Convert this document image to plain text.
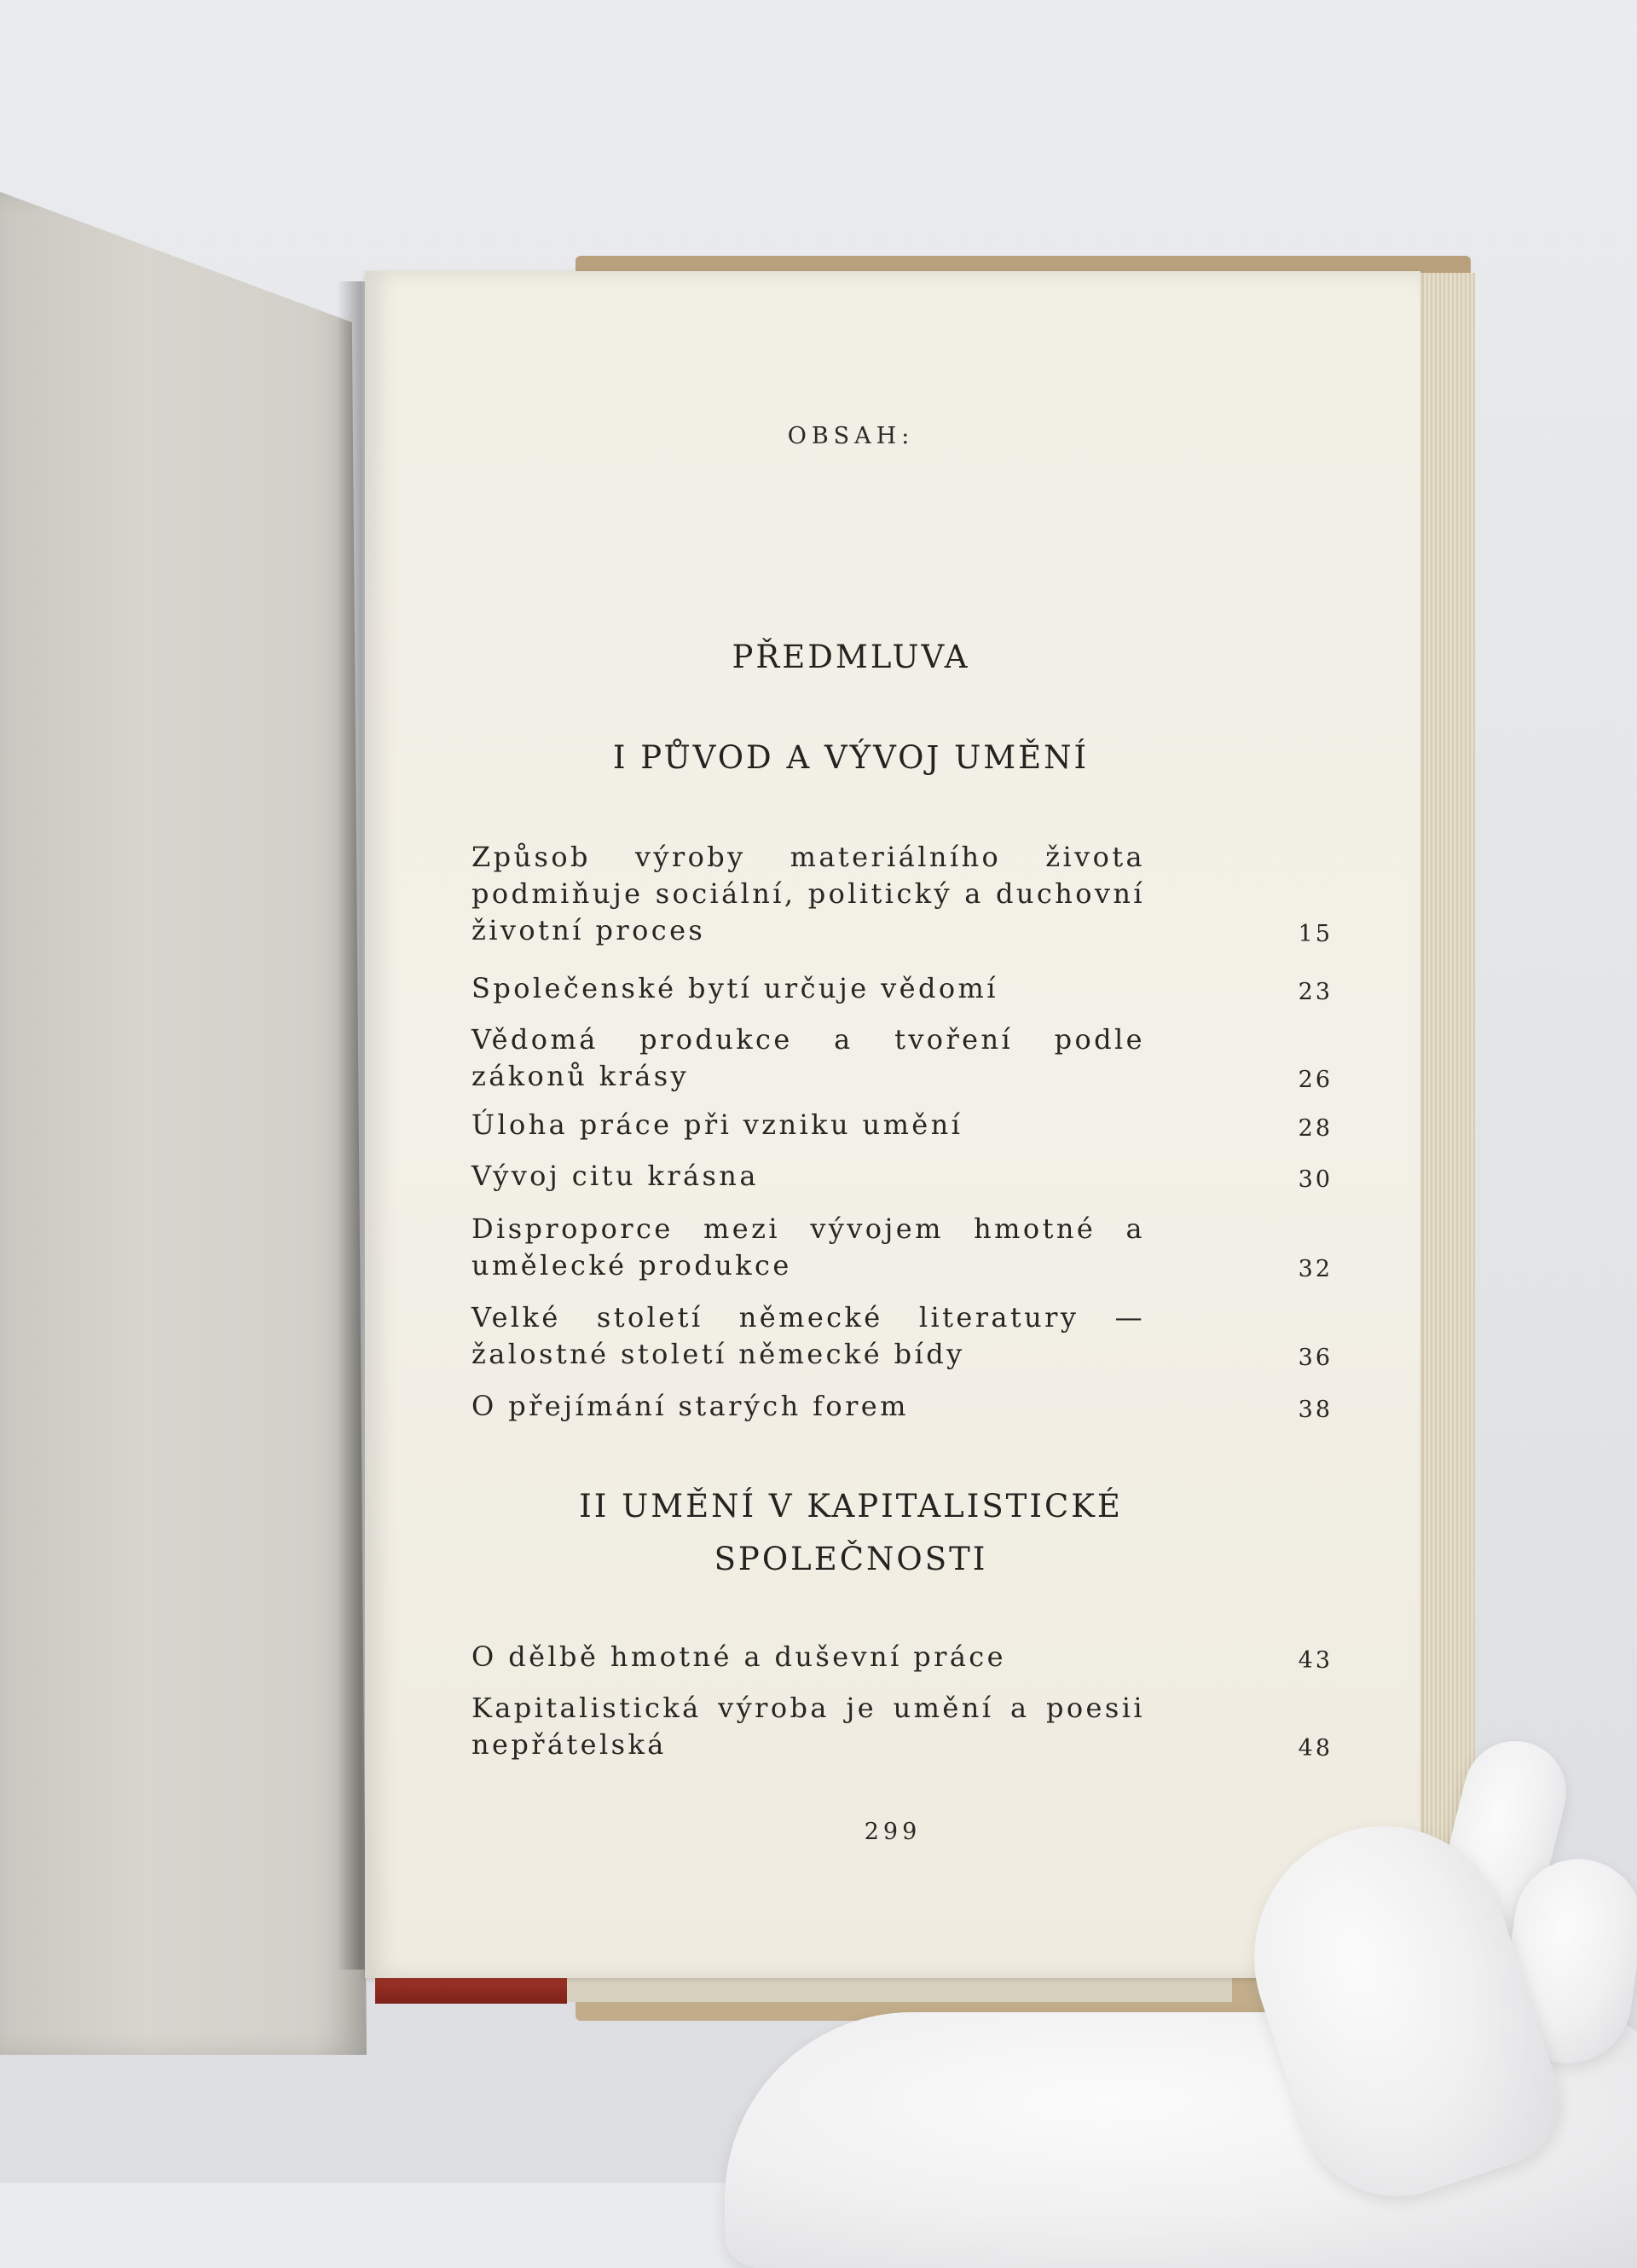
OBSAH:
PŘEDMLUVA
I PŮVOD A VÝVOJ UMĚNÍ
II UMĚNÍ V KAPITALISTICKÉ
SPOLEČNOSTI
Způsob výroby materiálního života podmiňuje sociální, politický a duchovní životní proces	15
Společenské bytí určuje vědomí	23
Vědomá produkce a tvoření podle zákonů krásy	26
Úloha práce při vzniku umění	28
Vývoj citu krásna	30
Disproporce mezi vývojem hmotné a umělecké produkce	32
Velké století německé literatury — žalostné století německé bídy	36
O přejímání starých forem	38
O dělbě hmotné a duševní práce	43
Kapitalistická výroba je umění a poesii nepřátelská	48
299
